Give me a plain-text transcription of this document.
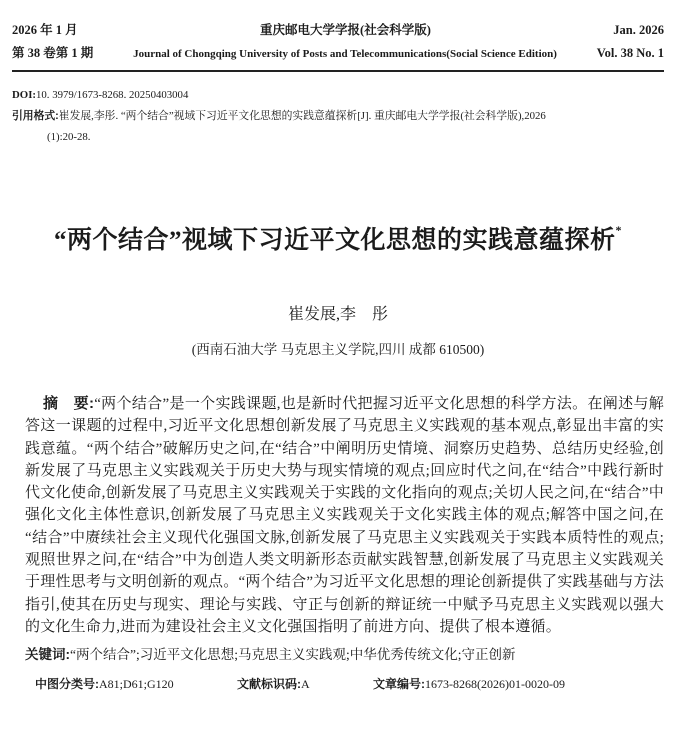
2026 年 1 月	重庆邮电大学学报(社会科学版)	Jan. 2026
第 38 卷第 1 期	Journal of Chongqing University of Posts and Telecommunications(Social Science Edition)	Vol. 38 No. 1
DOI:10. 3979/1673-8268. 20250403004
引用格式:崔发展,李彤. “两个结合”视域下习近平文化思想的实践意蕴探析[J]. 重庆邮电大学学报(社会科学版),2026
(1):20-28.
“两个结合”视域下习近平文化思想的实践意蕴探析*
崔发展,李　彤
(西南石油大学 马克思主义学院,四川 成都 610500)

摘　要:“两个结合”是一个实践课题,也是新时代把握习近平文化思想的科学方法。在阐述与解答这一课题的过程中,习近平文化思想创新发展了马克思主义实践观的基本观点,彰显出丰富的实践意蕴。“两个结合”破解历史之问,在“结合”中阐明历史情境、洞察历史趋势、总结历史经验,创新发展了马克思主义实践观关于历史大势与现实情境的观点;回应时代之问,在“结合”中践行新时代文化使命,创新发展了马克思主义实践观关于实践的文化指向的观点;关切人民之问,在“结合”中强化文化主体性意识,创新发展了马克思主义实践观关于文化实践主体的观点;解答中国之问,在“结合”中赓续社会主义现代化强国文脉,创新发展了马克思主义实践观关于实践本质特性的观点;观照世界之问,在“结合”中为创造人类文明新形态贡献实践智慧,创新发展了马克思主义实践观关于理性思考与文明创新的观点。“两个结合”为习近平文化思想的理论创新提供了实践基础与方法指引,使其在历史与现实、理论与实践、守正与创新的辩证统一中赋予马克思主义实践观以强大的文化生命力,进而为建设社会主义文化强国指明了前进方向、提供了根本遵循。

关键词:“两个结合”;习近平文化思想;马克思主义实践观;中华优秀传统文化;守正创新
中图分类号:A81;D61;G120	文献标识码:A	文章编号:1673-8268(2026)01-0020-09
